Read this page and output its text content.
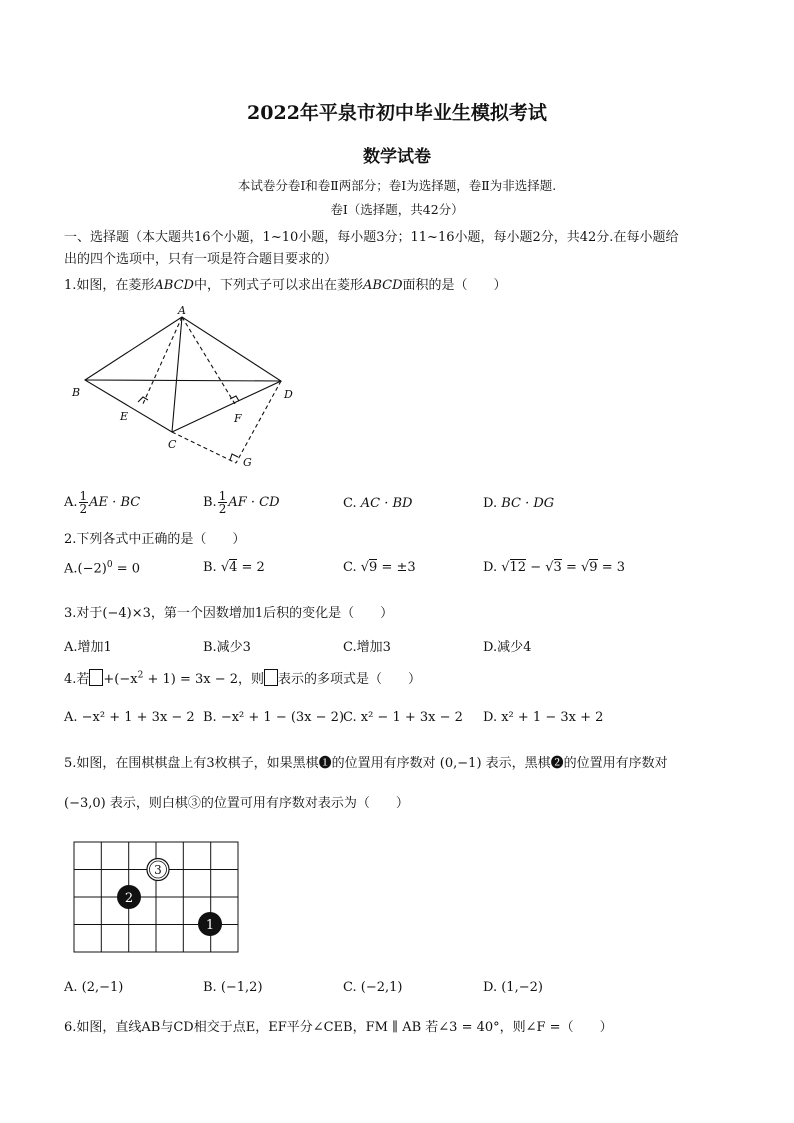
2022年平泉市初中毕业生模拟考试
数学试卷
本试卷分卷Ⅰ和卷Ⅱ两部分；卷Ⅰ为选择题，卷Ⅱ为非选择题.
卷Ⅰ（选择题，共42分）
一、选择题（本大题共16个小题，1~10小题，每小题3分；11~16小题，每小题2分，共42分.在每小题给
出的四个选项中，只有一项是符合题目要求的）
1.如图，在菱形ABCD中，下列式子可以求出在菱形ABCD面积的是（　　）
A
B
C
D
E	F
G
A. $\frac{1}{2}$ AE · BC	B. $\frac{1}{2}$ AF · CD	C. AC · BD	D. BC · DG
2.下列各式中正确的是（　　）
$A.(-2)^0 = 0$	B. √4 = 2	C. √9 = ±3	D. √12 − √3 = √9 = 3
3.对于(−4)×3，第一个因数增加1后积的变化是（　　）
A.增加1	B.减少3	C.增加3	D.减少4
4.若 $+(-x^2 + 1) = 3x - 2$，则 表示的多项式是（　　）
A. −x² + 1 + 3x − 2 B. −x² + 1 − (3x − 2)
C. x² − 1 + 3x − 2 D. x² + 1 − 3x + 2
5.如图，在围棋棋盘上有3枚棋子，如果黑棋❶的位置用有序数对 (0,−1) 表示，黑棋❷的位置用有序数对
(−3,0) 表示，则白棋③的位置可用有序数对表示为（　　）
3
2
1
A. (2,−1)	B. (−1,2)	C. (−2,1)	D. (1,−2)
6.如图，直线AB与CD相交于点E，EF平分∠CEB，FM ∥ AB 若∠3 = 40°，则∠F =（　　）
